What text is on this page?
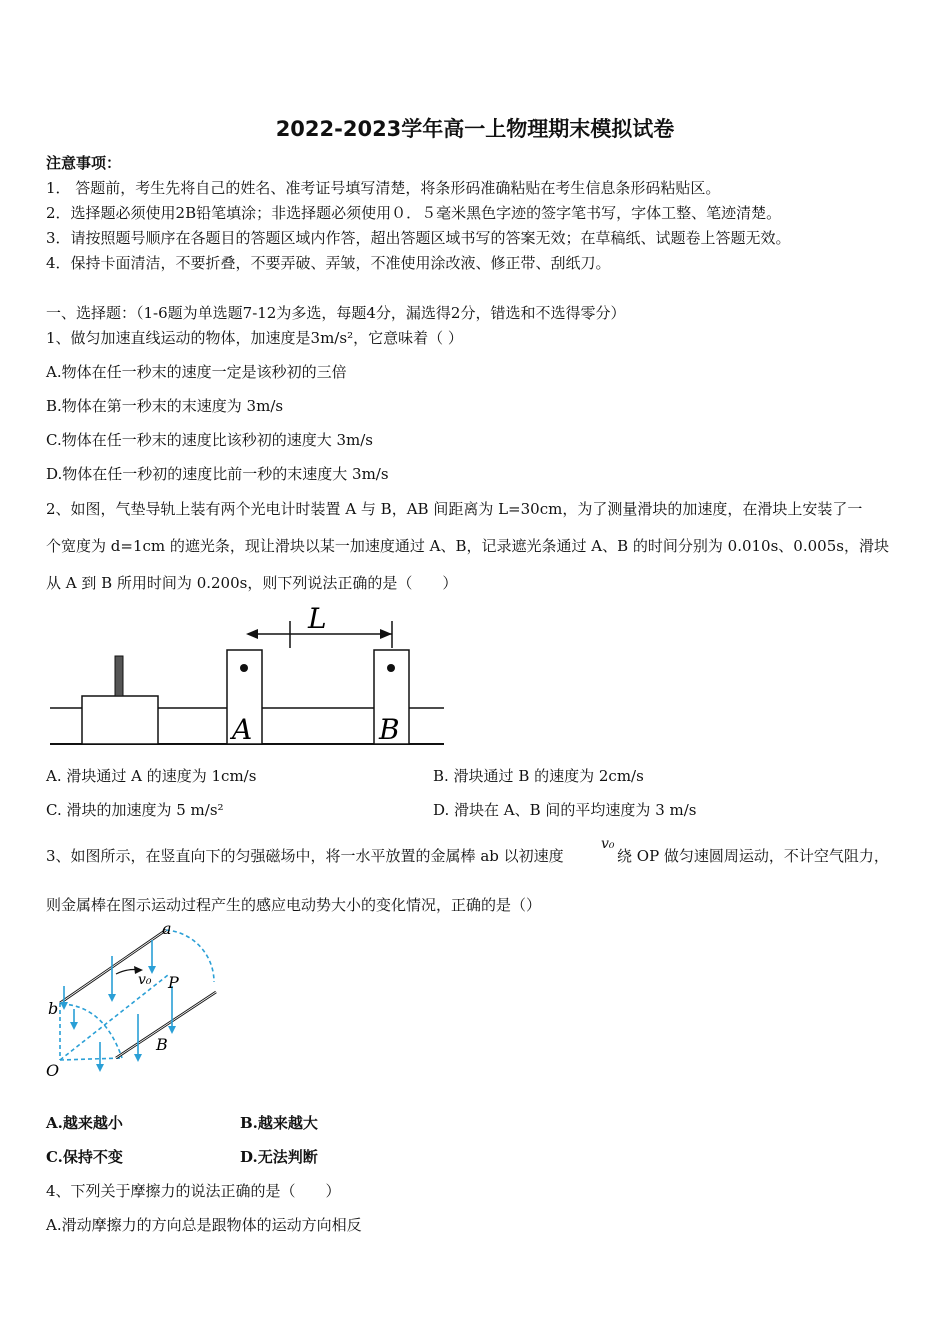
2022-2023学年高一上物理期末模拟试卷
注意事项：
1． 答题前，考生先将自己的姓名、准考证号填写清楚，将条形码准确粘贴在考生信息条形码粘贴区。
2．选择题必须使用2B铅笔填涂；非选择题必须使用０．５毫米黑色字迹的签字笔书写，字体工整、笔迹清楚。
3．请按照题号顺序在各题目的答题区域内作答，超出答题区域书写的答案无效；在草稿纸、试题卷上答题无效。
4．保持卡面清洁，不要折叠，不要弄破、弄皱，不准使用涂改液、修正带、刮纸刀。
一、选择题：（1-6题为单选题7-12为多选，每题4分，漏选得2分，错选和不选得零分）
1、做匀加速直线运动的物体，加速度是3m/s²，它意味着（ ）
A.物体在任一秒末的速度一定是该秒初的三倍
B.物体在第一秒末的末速度为 3m/s
C.物体在任一秒末的速度比该秒初的速度大 3m/s
D.物体在任一秒初的速度比前一秒的末速度大 3m/s
2、如图，气垫导轨上装有两个光电计时装置 A 与 B，AB 间距离为 L=30cm，为了测量滑块的加速度，在滑块上安装了一
个宽度为 d=1cm 的遮光条，现让滑块以某一加速度通过 A、B，记录遮光条通过 A、B 的时间分别为 0.010s、0.005s，滑块
从 A 到 B 所用时间为 0.200s，则下列说法正确的是（　　）
L
A	B
A. 滑块通过 A 的速度为 1cm/s	B. 滑块通过 B 的速度为 2cm/s
C. 滑块的加速度为 5 m/s²	D. 滑块在 A、B 间的平均速度为 3 m/s
3、如图所示，在竖直向下的匀强磁场中，将一水平放置的金属棒 ab 以初速度
v₀
绕 OP 做匀速圆周运动，不计空气阻力，
则金属棒在图示运动过程产生的感应电动势大小的变化情况，正确的是（）
v₀
a
b
P
B
O
A.越来越小	B.越来越大
C.保持不变	D.无法判断
4、下列关于摩擦力的说法正确的是（　　）
A.滑动摩擦力的方向总是跟物体的运动方向相反
